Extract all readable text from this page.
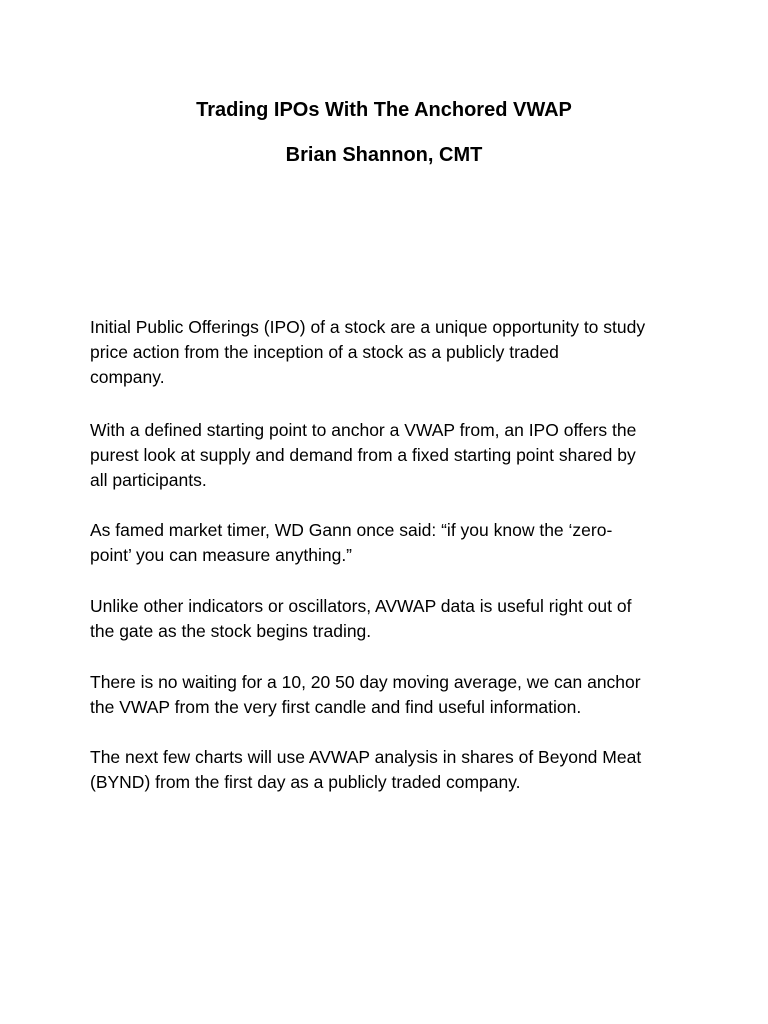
Trading IPOs With The Anchored VWAP
Brian Shannon, CMT

Initial Public Offerings (IPO) of a stock are a unique opportunity to study
price action from the inception of a stock as a publicly traded
company.

With a defined starting point to anchor a VWAP from, an IPO offers the
purest look at supply and demand from a fixed starting point shared by
all participants.

As famed market timer, WD Gann once said: “if you know the ‘zero-
point’ you can measure anything.”

Unlike other indicators or oscillators, AVWAP data is useful right out of
the gate as the stock begins trading.

There is no waiting for a 10, 20 50 day moving average, we can anchor
the VWAP from the very first candle and find useful information.

The next few charts will use AVWAP analysis in shares of Beyond Meat
(BYND) from the first day as a publicly traded company.
